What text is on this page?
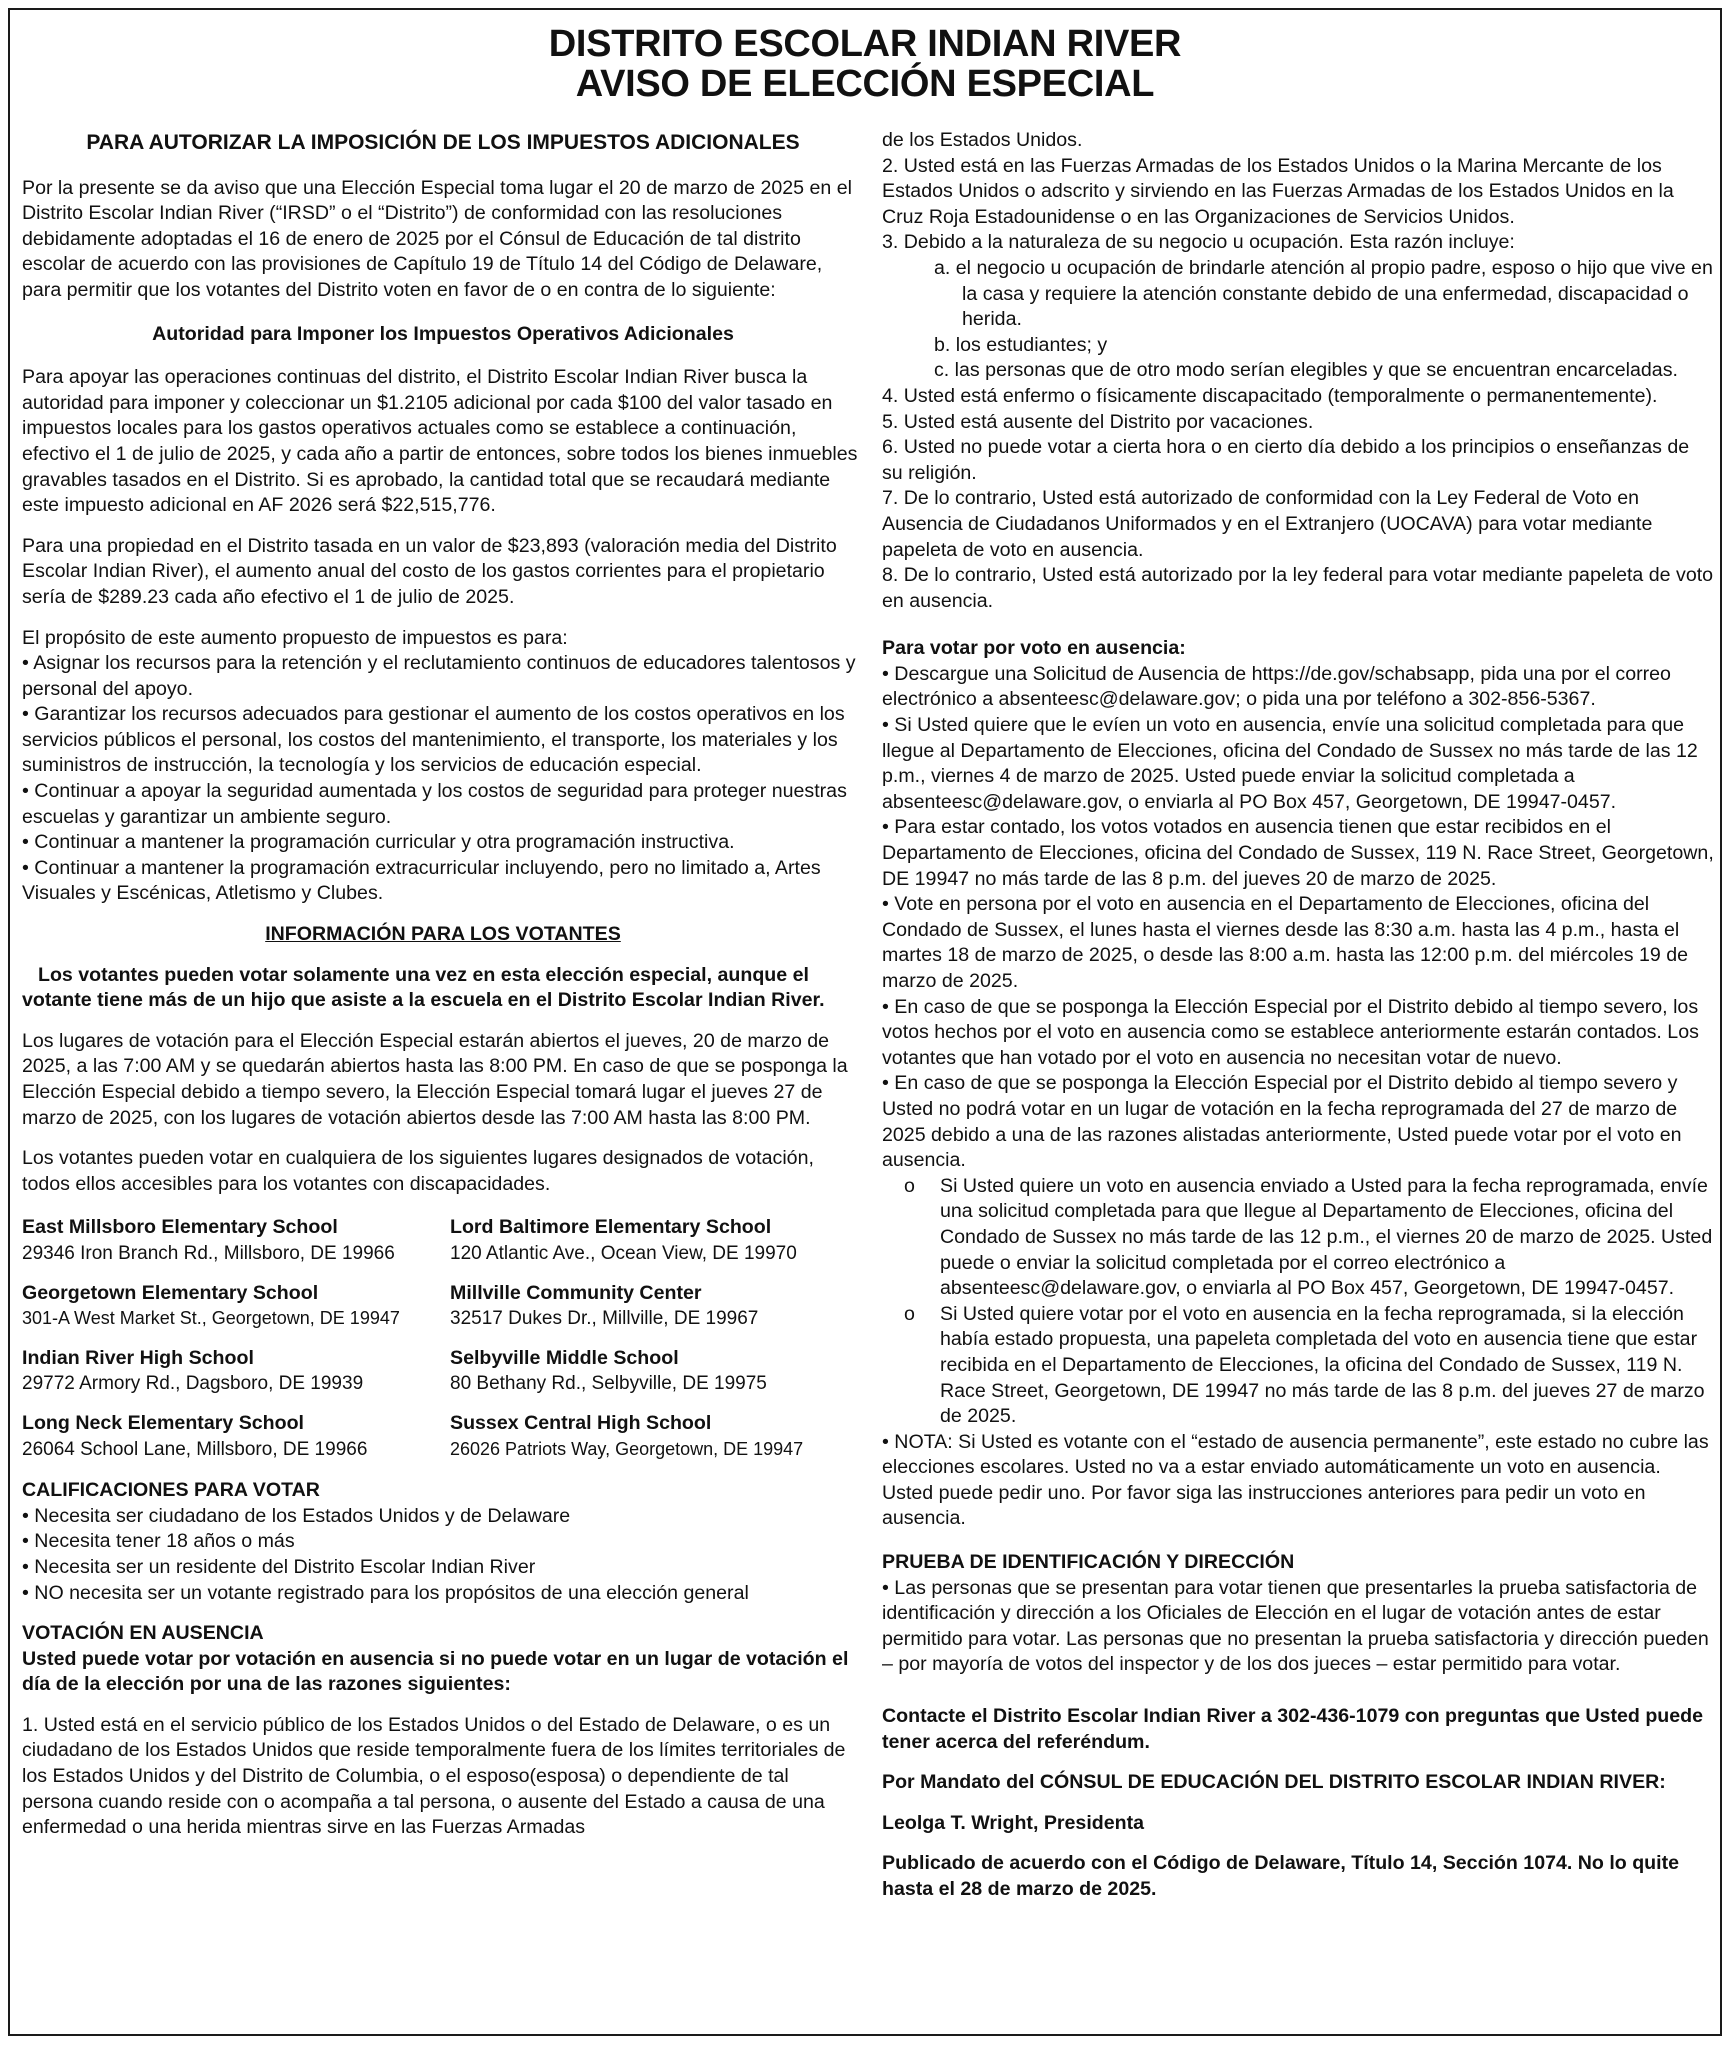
DISTRITO ESCOLAR INDIAN RIVER
AVISO DE ELECCIÓN ESPECIAL

PARA AUTORIZAR LA IMPOSICIÓN DE LOS IMPUESTOS ADICIONALES

Por la presente se da aviso que una Elección Especial toma lugar el 20 de marzo de 2025 en el Distrito Escolar Indian River (“IRSD” o el “Distrito”) de conformidad con las resoluciones debidamente adoptadas el 16 de enero de 2025 por el Cónsul de Educación de tal distrito escolar de acuerdo con las provisiones de Capítulo 19 de Título 14 del Código de Delaware, para permitir que los votantes del Distrito voten en favor de o en contra de lo siguiente:

Autoridad para Imponer los Impuestos Operativos Adicionales

Para apoyar las operaciones continuas del distrito, el Distrito Escolar Indian River busca la autoridad para imponer y coleccionar un $1.2105 adicional por cada $100 del valor tasado en impuestos locales para los gastos operativos actuales como se establece a continuación, efectivo el 1 de julio de 2025, y cada año a partir de entonces, sobre todos los bienes inmuebles gravables tasados en el Distrito. Si es aprobado, la cantidad total que se recaudará mediante este impuesto adicional en AF 2026 será $22,515,776.

Para una propiedad en el Distrito tasada en un valor de $23,893 (valoración media del Distrito Escolar Indian River), el aumento anual del costo de los gastos corrientes para el propietario sería de $289.23 cada año efectivo el 1 de julio de 2025.

El propósito de este aumento propuesto de impuestos es para:

• Asignar los recursos para la retención y el reclutamiento continuos de educadores talentosos y personal del apoyo.

• Garantizar los recursos adecuados para gestionar el aumento de los costos operativos en los servicios públicos el personal, los costos del mantenimiento, el transporte, los materiales y los suministros de instrucción, la tecnología y los servicios de educación especial.

• Continuar a apoyar la seguridad aumentada y los costos de seguridad para proteger nuestras escuelas y garantizar un ambiente seguro.

• Continuar a mantener la programación curricular y otra programación instructiva.

• Continuar a mantener la programación extracurricular incluyendo, pero no limitado a, Artes Visuales y Escénicas, Atletismo y Clubes.

INFORMACIÓN PARA LOS VOTANTES

Los votantes pueden votar solamente una vez en esta elección especial, aunque el votante tiene más de un hijo que asiste a la escuela en el Distrito Escolar Indian River.

Los lugares de votación para el Elección Especial estarán abiertos el jueves, 20 de marzo de 2025, a las 7:00 AM y se quedarán abiertos hasta las 8:00 PM. En caso de que se posponga la Elección Especial debido a tiempo severo, la Elección Especial tomará lugar el jueves 27 de marzo de 2025, con los lugares de votación abiertos desde las 7:00 AM hasta las 8:00 PM.

Los votantes pueden votar en cualquiera de los siguientes lugares designados de votación, todos ellos accesibles para los votantes con discapacidades.

East Millsboro Elementary School
29346 Iron Branch Rd., Millsboro, DE 19966
Lord Baltimore Elementary School
120 Atlantic Ave., Ocean View, DE 19970
Georgetown Elementary School
301-A West Market St., Georgetown, DE 19947
Millville Community Center
32517 Dukes Dr., Millville, DE 19967
Indian River High School
29772 Armory Rd., Dagsboro, DE 19939
Selbyville Middle School
80 Bethany Rd., Selbyville, DE 19975
Long Neck Elementary School
26064 School Lane, Millsboro, DE 19966
Sussex Central High School
26026 Patriots Way, Georgetown, DE 19947

CALIFICACIONES PARA VOTAR

• Necesita ser ciudadano de los Estados Unidos y de Delaware

• Necesita tener 18 años o más

• Necesita ser un residente del Distrito Escolar Indian River

• NO necesita ser un votante registrado para los propósitos de una elección general

VOTACIÓN EN AUSENCIA

Usted puede votar por votación en ausencia si no puede votar en un lugar de votación el día de la elección por una de las razones siguientes:

1. Usted está en el servicio público de los Estados Unidos o del Estado de Delaware, o es un ciudadano de los Estados Unidos que reside temporalmente fuera de los límites territoriales de los Estados Unidos y del Distrito de Columbia, o el esposo(esposa) o dependiente de tal persona cuando reside con o acompaña a tal persona, o ausente del Estado a causa de una enfermedad o una herida mientras sirve en las Fuerzas Armadas

de los Estados Unidos.

2. Usted está en las Fuerzas Armadas de los Estados Unidos o la Marina Mercante de los Estados Unidos o adscrito y sirviendo en las Fuerzas Armadas de los Estados Unidos en la Cruz Roja Estadounidense o en las Organizaciones de Servicios Unidos.

3. Debido a la naturaleza de su negocio u ocupación. Esta razón incluye:

a. el negocio u ocupación de brindarle atención al propio padre, esposo o hijo que vive en la casa y requiere la atención constante debido de una enfermedad, discapacidad o herida.

b. los estudiantes; y

c. las personas que de otro modo serían elegibles y que se encuentran encarceladas.

4. Usted está enfermo o físicamente discapacitado (temporalmente o permanentemente).

5. Usted está ausente del Distrito por vacaciones.

6. Usted no puede votar a cierta hora o en cierto día debido a los principios o enseñanzas de su religión.

7. De lo contrario, Usted está autorizado de conformidad con la Ley Federal de Voto en Ausencia de Ciudadanos Uniformados y en el Extranjero (UOCAVA) para votar mediante papeleta de voto en ausencia.

8. De lo contrario, Usted está autorizado por la ley federal para votar mediante papeleta de voto en ausencia.

Para votar por voto en ausencia:

• Descargue una Solicitud de Ausencia de https://de.gov/schabsapp, pida una por el correo electrónico a absenteesc@delaware.gov; o pida una por teléfono a 302-856-5367.

• Si Usted quiere que le evíen un voto en ausencia, envíe una solicitud completada para que llegue al Departamento de Elecciones, oficina del Condado de Sussex no más tarde de las 12 p.m., viernes 4 de marzo de 2025. Usted puede enviar la solicitud completada a absenteesc@delaware.gov, o enviarla al PO Box 457, Georgetown, DE 19947-0457.

• Para estar contado, los votos votados en ausencia tienen que estar recibidos en el Departamento de Elecciones, oficina del Condado de Sussex, 119 N. Race Street, Georgetown, DE 19947 no más tarde de las 8 p.m. del jueves 20 de marzo de 2025.

• Vote en persona por el voto en ausencia en el Departamento de Elecciones, oficina del Condado de Sussex, el lunes hasta el viernes desde las 8:30 a.m. hasta las 4 p.m., hasta el martes 18 de marzo de 2025, o desde las 8:00 a.m. hasta las 12:00 p.m. del miércoles 19 de marzo de 2025.

• En caso de que se posponga la Elección Especial por el Distrito debido al tiempo severo, los votos hechos por el voto en ausencia como se establece anteriormente estarán contados. Los votantes que han votado por el voto en ausencia no necesitan votar de nuevo.

• En caso de que se posponga la Elección Especial por el Distrito debido al tiempo severo y Usted no podrá votar en un lugar de votación en la fecha reprogramada del 27 de marzo de 2025 debido a una de las razones alistadas anteriormente, Usted puede votar por el voto en ausencia.

o Si Usted quiere un voto en ausencia enviado a Usted para la fecha reprogramada, envíe una solicitud completada para que llegue al Departamento de Elecciones, oficina del Condado de Sussex no más tarde de las 12 p.m., el viernes 20 de marzo de 2025. Usted puede o enviar la solicitud completada por el correo electrónico a absenteesc@delaware.gov, o enviarla al PO Box 457, Georgetown, DE 19947-0457.

o Si Usted quiere votar por el voto en ausencia en la fecha reprogramada, si la elección había estado propuesta, una papeleta completada del voto en ausencia tiene que estar recibida en el Departamento de Elecciones, la oficina del Condado de Sussex, 119 N. Race Street, Georgetown, DE 19947 no más tarde de las 8 p.m. del jueves 27 de marzo de 2025.

• NOTA: Si Usted es votante con el “estado de ausencia permanente”, este estado no cubre las elecciones escolares. Usted no va a estar enviado automáticamente un voto en ausencia. Usted puede pedir uno. Por favor siga las instrucciones anteriores para pedir un voto en ausencia.

PRUEBA DE IDENTIFICACIÓN Y DIRECCIÓN

• Las personas que se presentan para votar tienen que presentarles la prueba satisfactoria de identificación y dirección a los Oficiales de Elección en el lugar de votación antes de estar permitido para votar. Las personas que no presentan la prueba satisfactoria y dirección pueden – por mayoría de votos del inspector y de los dos jueces – estar permitido para votar.

Contacte el Distrito Escolar Indian River a 302-436-1079 con preguntas que Usted puede tener acerca del referéndum.

Por Mandato del CÓNSUL DE EDUCACIÓN DEL DISTRITO ESCOLAR INDIAN RIVER:

Leolga T. Wright, Presidenta

Publicado de acuerdo con el Código de Delaware, Título 14, Sección 1074. No lo quite hasta el 28 de marzo de 2025.
